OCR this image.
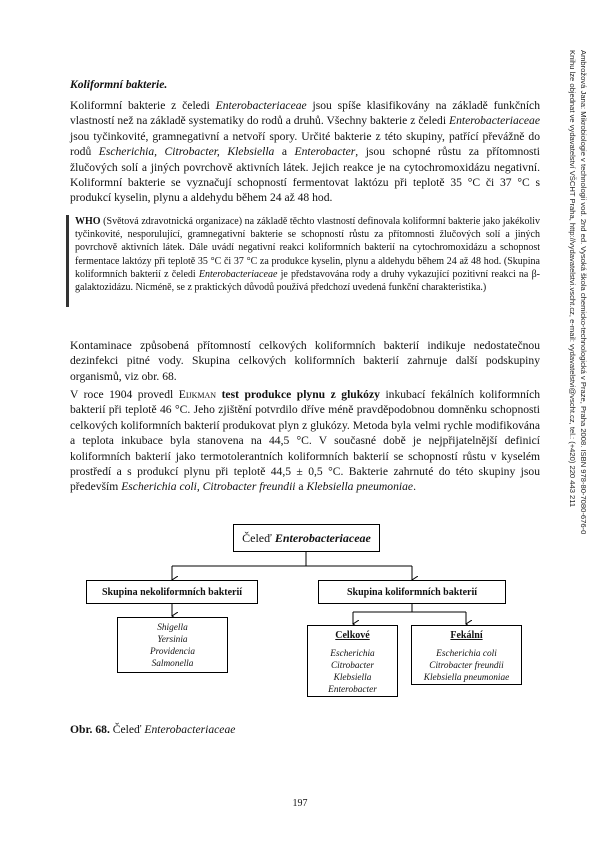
Ambrožová Jana: Mikrobiologie v technologii vod. 2nd ed. Vysoká škola chemicko-technologická v Praze, Praha 2008. ISBN 978-80-7080-676-0
Knihu lze objednat ve vydavatelství VŠCHT Praha, http://vydavatelstvi.vscht.cz, e-mail: vydavatelstvi@vscht.cz, tel.: (+420) 220 443 211

Koliformní bakterie.

Koliformní bakterie z čeledi Enterobacteriaceae jsou spíše klasifikovány na základě funkčních vlastností než na základě systematiky do rodů a druhů. Všechny bakterie z čeledi Enterobacteriaceae jsou tyčinkovité, gramnegativní a netvoří spory. Určité bakterie z této skupiny, patřící převážně do rodů Escherichia, Citrobacter, Klebsiella a Enterobacter, jsou schopné růstu za přítomnosti žlučových solí a jiných povrchově aktivních látek. Jejich reakce je na cytochromoxidázu negativní. Koliformní bakterie se vyznačují schopností fermentovat laktózu při teplotě 35 °C či 37 °C s produkcí kyselin, plynu a aldehydu během 24 až 48 hod.

WHO (Světová zdravotnická organizace) na základě těchto vlastností definovala koliformní bakterie jako jakékoliv tyčinkovité, nesporulující, gramnegativní bakterie se schopností růstu za přítomnosti žlučových solí a jiných povrchově aktivních látek. Dále uvádí negativní reakci koliformních bakterií na cytochromoxidázu a schopnost fermentace laktózy při teplotě 35 °C či 37 °C za produkce kyselin, plynu a aldehydu během 24 až 48 hod. (Skupina koliformních bakterií z čeledi Enterobacteriaceae je představována rody a druhy vykazující pozitivní reakci na β-galaktozidázu. Nicméně, se z praktických důvodů používá předchozí uvedená funkční charakteristika.)

Kontaminace způsobená přítomností celkových koliformních bakterií indikuje nedostatečnou dezinfekci pitné vody. Skupina celkových koliformních bakterií zahrnuje další podskupiny organismů, viz obr. 68.

V roce 1904 provedl Eijkman test produkce plynu z glukózy inkubací fekálních koliformních bakterií při teplotě 46 °C. Jeho zjištění potvrdilo dříve méně pravděpodobnou domněnku schopnosti celkových koliformních bakterií produkovat plyn z glukózy. Metoda byla velmi rychle modifikována a teplota inkubace byla stanovena na 44,5 °C. V současné době je nejpřijatelnější definicí koliformních bakterií jako termotolerantních koliformních bakterií se schopností růstu v kyselém prostředí a s produkcí plynu při teplotě 44,5 ± 0,5 °C. Bakterie zahrnuté do této skupiny jsou především Escherichia coli, Citrobacter freundii a Klebsiella pneumoniae.

Čeleď Enterobacteriaceae
Skupina nekoliformních bakterií	Skupina koliformních bakterií
Shigella
Yersinia
Providencia
Salmonella
Celkové
Escherichia
Citrobacter
Klebsiella
Enterobacter
Fekální
Escherichia coli
Citrobacter freundii
Klebsiella pneumoniae
Obr. 68. Čeleď Enterobacteriaceae
197
